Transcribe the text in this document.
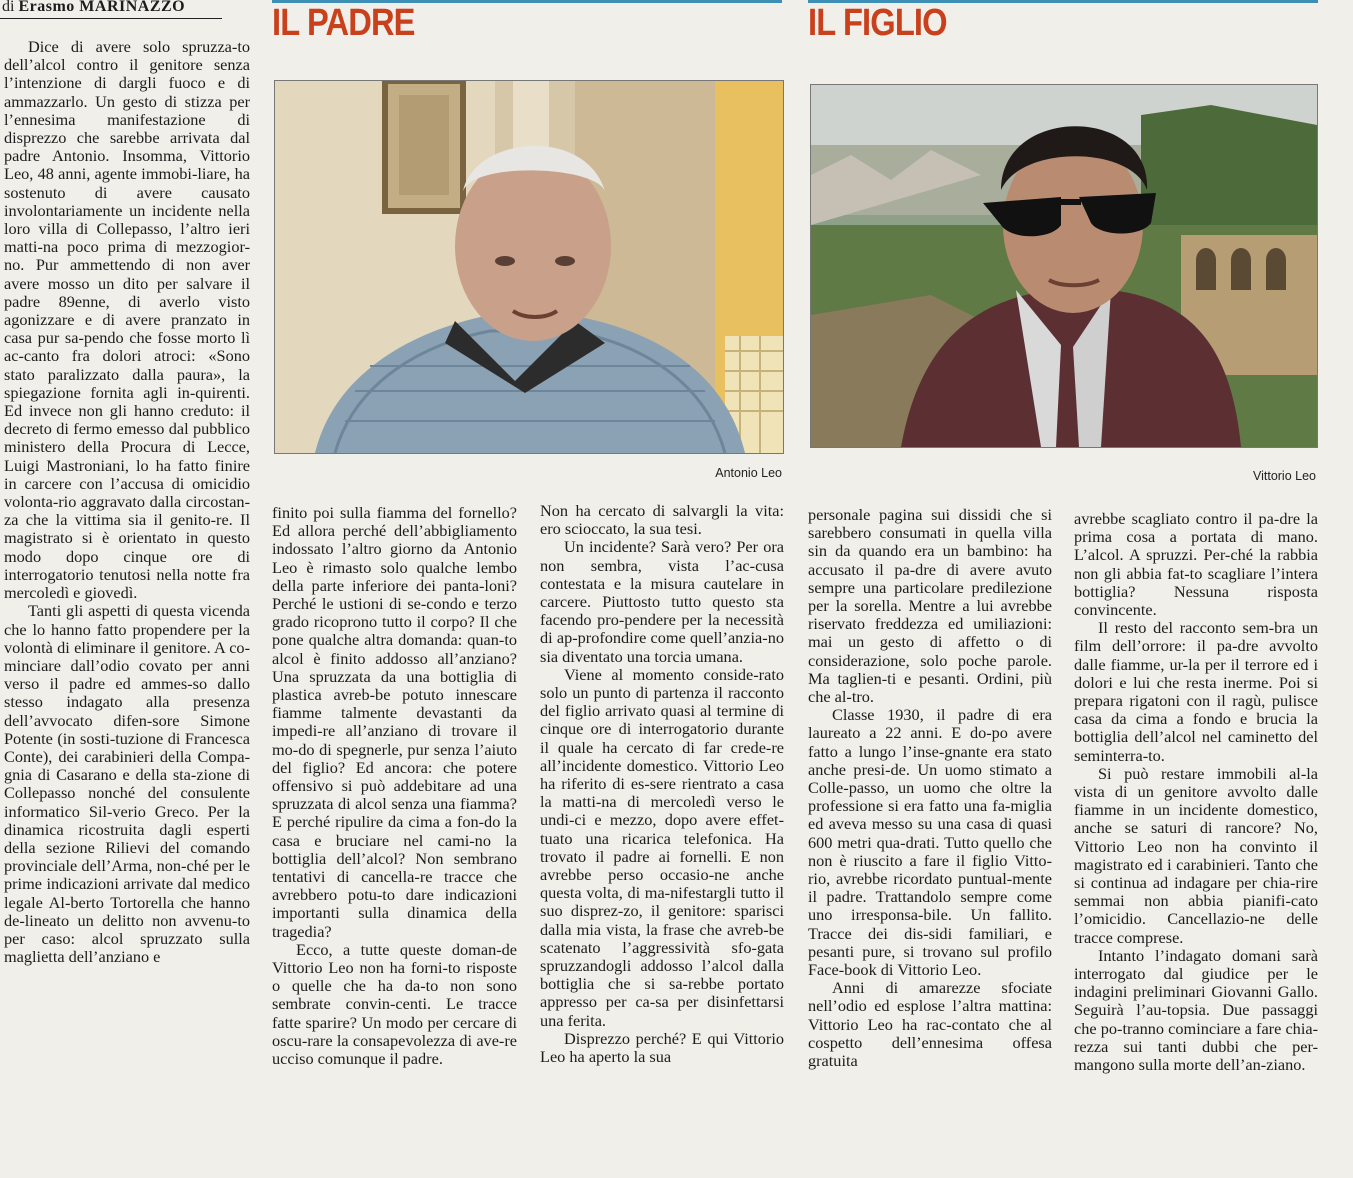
di Erasmo MARINAZZO IL PADRE	IL FIGLIO
Antonio Leo	Vittorio Leo

Dice di avere solo spruzza-to dell’alcol contro il genitore senza l’intenzione di dargli fuoco e di ammazzarlo. Un gesto di stizza per l’ennesima manifestazione di disprezzo che sarebbe arrivata dal padre Antonio. Insomma, Vittorio Leo, 48 anni, agente immobi-liare, ha sostenuto di avere causato involontariamente un incidente nella loro villa di Collepasso, l’altro ieri matti-na poco prima di mezzogior-no. Pur ammettendo di non aver avere mosso un dito per salvare il padre 89enne, di averlo visto agonizzare e di avere pranzato in casa pur sa-pendo che fosse morto lì ac-canto fra dolori atroci: «Sono stato paralizzato dalla paura», la spiegazione fornita agli in-quirenti. Ed invece non gli hanno creduto: il decreto di fermo emesso dal pubblico ministero della Procura di Lecce, Luigi Mastroniani, lo ha fatto finire in carcere con l’accusa di omicidio volonta-rio aggravato dalla circostan-za che la vittima sia il genito-re. Il magistrato si è orientato in questo modo dopo cinque ore di interrogatorio tenutosi nella notte fra mercoledì e giovedì.

Tanti gli aspetti di questa vicenda che lo hanno fatto propendere per la volontà di eliminare il genitore. A co-minciare dall’odio covato per anni verso il padre ed ammes-so dallo stesso indagato alla presenza dell’avvocato difen-sore Simone Potente (in sosti-tuzione di Francesca Conte), dei carabinieri della Compa-gnia di Casarano e della sta-zione di Collepasso nonché del consulente informatico Sil-verio Greco. Per la dinamica ricostruita dagli esperti della sezione Rilievi del comando provinciale dell’Arma, non-ché per le prime indicazioni arrivate dal medico legale Al-berto Tortorella che hanno de-lineato un delitto non avvenu-to per caso: alcol spruzzato sulla maglietta dell’anziano e

finito poi sulla fiamma del fornello? Ed allora perché dell’abbigliamento indossato l’altro giorno da Antonio Leo è rimasto solo qualche lembo della parte inferiore dei panta-loni? Perché le ustioni di se-condo e terzo grado ricoprono tutto il corpo? Il che pone qualche altra domanda: quan-to alcol è finito addosso all’anziano? Una spruzzata da una bottiglia di plastica avreb-be potuto innescare fiamme talmente devastanti da impedi-re all’anziano di trovare il mo-do di spegnerle, pur senza l’aiuto del figlio? Ed ancora: che potere offensivo si può addebitare ad una spruzzata di alcol senza una fiamma? E perché ripulire da cima a fon-do la casa e bruciare nel cami-no la bottiglia dell’alcol? Non sembrano tentativi di cancella-re tracce che avrebbero potu-to dare indicazioni importanti sulla dinamica della tragedia?

Ecco, a tutte queste doman-de Vittorio Leo non ha forni-to risposte o quelle che ha da-to non sono sembrate convin-centi. Le tracce fatte sparire? Un modo per cercare di oscu-rare la consapevolezza di ave-re ucciso comunque il padre.

Non ha cercato di salvargli la vita: ero scioccato, la sua tesi.

Un incidente? Sarà vero? Per ora non sembra, vista l’ac-cusa contestata e la misura cautelare in carcere. Piuttosto tutto questo sta facendo pro-pendere per la necessità di ap-profondire come quell’anzia-no sia diventato una torcia umana.

Viene al momento conside-rato solo un punto di partenza il racconto del figlio arrivato quasi al termine di cinque ore di interrogatorio durante il quale ha cercato di far crede-re all’incidente domestico. Vittorio Leo ha riferito di es-sere rientrato a casa la matti-na di mercoledì verso le undi-ci e mezzo, dopo avere effet-tuato una ricarica telefonica. Ha trovato il padre ai fornelli. E non avrebbe perso occasio-ne anche questa volta, di ma-nifestargli tutto il suo disprez-zo, il genitore: sparisci dalla mia vista, la frase che avreb-be scatenato l’aggressività sfo-gata spruzzandogli addosso l’alcol dalla bottiglia che si sa-rebbe portato appresso per ca-sa per disinfettarsi una ferita.

Disprezzo perché? E qui Vittorio Leo ha aperto la sua

personale pagina sui dissidi che si sarebbero consumati in quella villa sin da quando era un bambino: ha accusato il pa-dre di avere avuto sempre una particolare predilezione per la sorella. Mentre a lui avrebbe riservato freddezza ed umiliazioni: mai un gesto di affetto o di considerazione, solo poche parole. Ma taglien-ti e pesanti. Ordini, più che al-tro.

Classe 1930, il padre di era laureato a 22 anni. E do-po avere fatto a lungo l’inse-gnante era stato anche presi-de. Un uomo stimato a Colle-passo, un uomo che oltre la professione si era fatto una fa-miglia ed aveva messo su una casa di quasi 600 metri qua-drati. Tutto quello che non è riuscito a fare il figlio Vitto-rio, avrebbe ricordato puntual-mente il padre. Trattandolo sempre come uno irresponsa-bile. Un fallito. Tracce dei dis-sidi familiari, e pesanti pure, si trovano sul profilo Face-book di Vittorio Leo.

Anni di amarezze sfociate nell’odio ed esplose l’altra mattina: Vittorio Leo ha rac-contato che al cospetto dell’ennesima offesa gratuita

avrebbe scagliato contro il pa-dre la prima cosa a portata di mano. L’alcol. A spruzzi. Per-ché la rabbia non gli abbia fat-to scagliare l’intera bottiglia? Nessuna risposta convincente.

Il resto del racconto sem-bra un film dell’orrore: il pa-dre avvolto dalle fiamme, ur-la per il terrore ed i dolori e lui che resta inerme. Poi si prepara rigatoni con il ragù, pulisce casa da cima a fondo e brucia la bottiglia dell’alcol nel caminetto del seminterra-to.

Si può restare immobili al-la vista di un genitore avvolto dalle fiamme in un incidente domestico, anche se saturi di rancore? No, Vittorio Leo non ha convinto il magistrato ed i carabinieri. Tanto che si continua ad indagare per chia-rire semmai non abbia pianifi-cato l’omicidio. Cancellazio-ne delle tracce comprese.

Intanto l’indagato domani sarà interrogato dal giudice per le indagini preliminari Giovanni Gallo. Seguirà l’au-topsia. Due passaggi che po-tranno cominciare a fare chia-rezza sui tanti dubbi che per-mangono sulla morte dell’an-ziano.
